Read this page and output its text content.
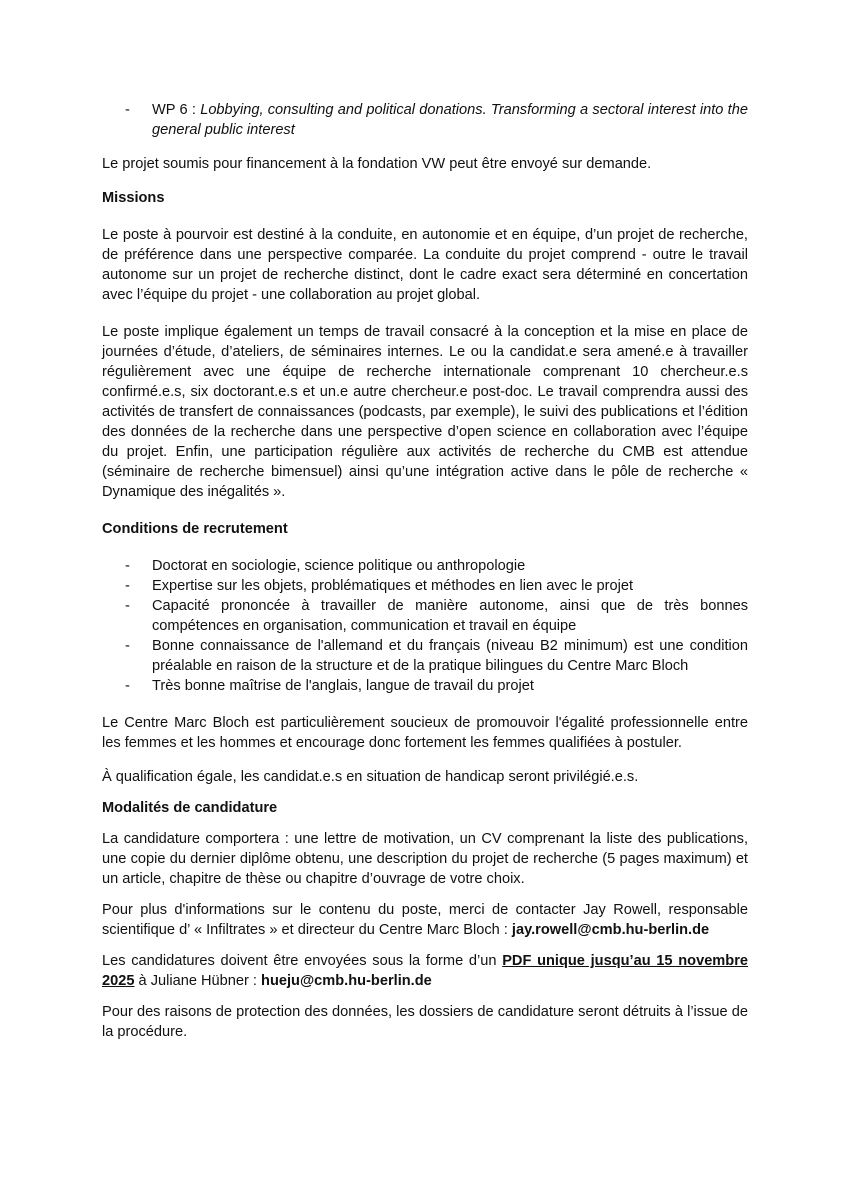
- WP 6 : Lobbying, consulting and political donations. Transforming a sectoral interest into the general public interest

Le projet soumis pour financement à la fondation VW peut être envoyé sur demande.

Missions

Le poste à pourvoir est destiné à la conduite, en autonomie et en équipe, d’un projet de recherche, de préférence dans une perspective comparée. La conduite du projet comprend - outre le travail autonome sur un projet de recherche distinct, dont le cadre exact sera déterminé en concertation avec l’équipe du projet - une collaboration au projet global.

Le poste implique également un temps de travail consacré à la conception et la mise en place de journées d’étude, d’ateliers, de séminaires internes. Le ou la candidat.e sera amené.e à travailler régulièrement avec une équipe de recherche internationale comprenant 10 chercheur.e.s confirmé.e.s, six doctorant.e.s et un.e autre chercheur.e post-doc. Le travail comprendra aussi des activités de transfert de connaissances (podcasts, par exemple), le suivi des publications et l’édition des données de la recherche dans une perspective d’open science en collaboration avec l’équipe du projet. Enfin, une participation régulière aux activités de recherche du CMB est attendue (séminaire de recherche bimensuel) ainsi qu’une intégration active dans le pôle de recherche « Dynamique des inégalités ».

Conditions de recrutement
- Doctorat en sociologie, science politique ou anthropologie
- Expertise sur les objets, problématiques et méthodes en lien avec le projet
- Capacité prononcée à travailler de manière autonome, ainsi que de très bonnes compétences en organisation, communication et travail en équipe
- Bonne connaissance de l'allemand et du français (niveau B2 minimum) est une condition préalable en raison de la structure et de la pratique bilingues du Centre Marc Bloch
- Très bonne maîtrise de l'anglais, langue de travail du projet

Le Centre Marc Bloch est particulièrement soucieux de promouvoir l'égalité professionnelle entre les femmes et les hommes et encourage donc fortement les femmes qualifiées à postuler.

À qualification égale, les candidat.e.s en situation de handicap seront privilégié.e.s.

Modalités de candidature

La candidature comportera : une lettre de motivation, un CV comprenant la liste des publications, une copie du dernier diplôme obtenu, une description du projet de recherche (5 pages maximum) et un article, chapitre de thèse ou chapitre d’ouvrage de votre choix.

Pour plus d'informations sur le contenu du poste, merci de contacter Jay Rowell, responsable scientifique d’ « Infiltrates » et directeur du Centre Marc Bloch : jay.rowell@cmb.hu-berlin.de

Les candidatures doivent être envoyées sous la forme d’un PDF unique jusqu’au 15 novembre 2025 à Juliane Hübner : hueju@cmb.hu-berlin.de

Pour des raisons de protection des données, les dossiers de candidature seront détruits à l’issue de la procédure.
